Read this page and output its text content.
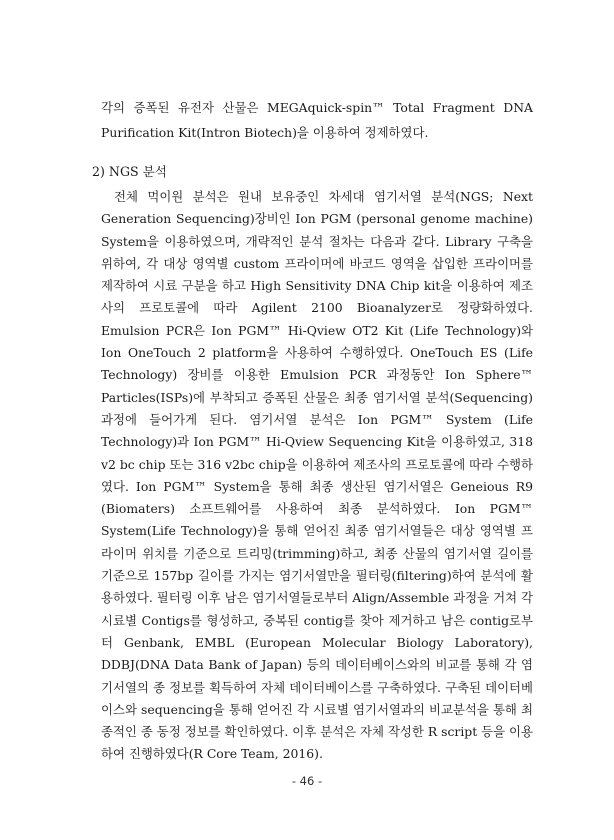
각의 증폭된 유전자 산물은 MEGAquick-spin™ Total Fragment DNA Purification Kit(Intron Biotech)을 이용하여 정제하였다.

2) NGS 분석

전체 먹이원 분석은 원내 보유중인 차세대 염기서열 분석(NGS; Next Generation Sequencing)장비인 Ion PGM (personal genome machine) System을 이용하였으며, 개략적인 분석 절차는 다음과 같다. Library 구축을 위하여, 각 대상 영역별 custom 프라이머에 바코드 영역을 삽입한 프라이머를 제작하여 시료 구분을 하고 High Sensitivity DNA Chip kit을 이용하여 제조사의 프로토콜에 따라 Agilent 2100 Bioanalyzer로 정량화하였다. Emulsion PCR은 Ion PGM™ Hi-Qview OT2 Kit (Life Technology)와 Ion OneTouch 2 platform을 사용하여 수행하였다. OneTouch ES (Life Technology) 장비를 이용한 Emulsion PCR 과정동안 Ion Sphere™ Particles(ISPs)에 부착되고 증폭된 산물은 최종 염기서열 분석(Sequencing)과정에 들어가게 된다. 염기서열 분석은 Ion PGM™ System (Life Technology)과 Ion PGM™ Hi-Qview Sequencing Kit을 이용하였고, 318 v2 bc chip 또는 316 v2bc chip을 이용하여 제조사의 프로토콜에 따라 수행하였다. Ion PGM™ System을 통해 최종 생산된 염기서열은 Geneious R9 (Biomaters) 소프트웨어를 사용하여 최종 분석하였다. Ion PGM™ System(Life Technology)을 통해 얻어진 최종 염기서열들은 대상 영역별 프라이머 위치를 기준으로 트리밍(trimming)하고, 최종 산물의 염기서열 길이를 기준으로 157bp 길이를 가지는 염기서열만을 필터링(filtering)하여 분석에 활용하였다. 필터링 이후 남은 염기서열들로부터 Align/Assemble 과정을 거쳐 각 시료별 Contigs를 형성하고, 중복된 contig를 찾아 제거하고 남은 contig로부터 Genbank, EMBL (European Molecular Biology Laboratory), DDBJ(DNA Data Bank of Japan) 등의 데이터베이스와의 비교를 통해 각 염기서열의 종 정보를 획득하여 자체 데이터베이스를 구축하였다. 구축된 데이터베이스와 sequencing을 통해 얻어진 각 시료별 염기서열과의 비교분석을 통해 최종적인 종 동정 정보를 확인하였다. 이후 분석은 자체 작성한 R script 등을 이용하여 진행하였다(R Core Team, 2016).

- 46 -
